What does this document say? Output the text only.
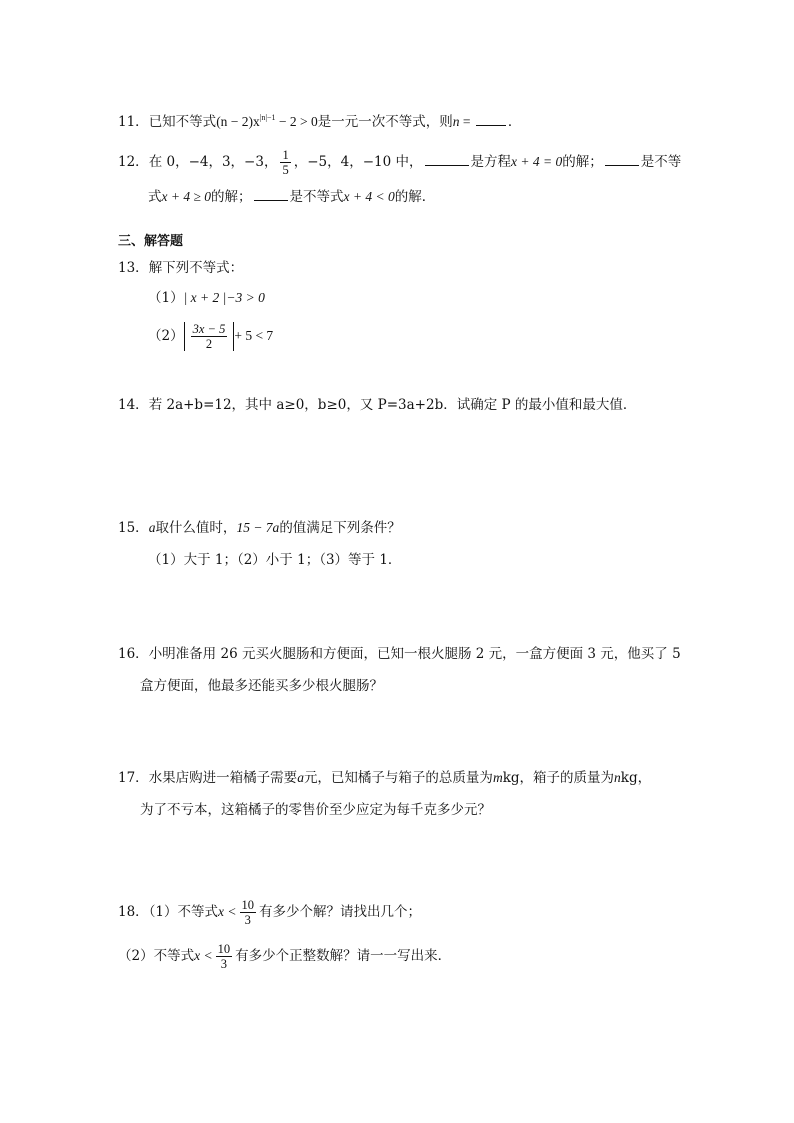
11．已知不等式$(n - 2)x^{|n|-1} - 2 > 0$是一元一次不等式，则n =	．
12．在 0，−4，3，−3， $\frac{1}{5}$ ，−5，4，−10 中，	是方程x + 4 = 0的解；	是不等
式x + 4 ≥ 0的解；	是不等式x + 4 < 0的解．
三、解答题
13．解下列不等式：
（1）| x + 2 |−3 > 0
$(2) \frac{3x - 5}{2} + 5 < 7$
14．若 2a+b=12，其中 a≥0，b≥0，又 P=3a+2b．试确定 P 的最小值和最大值．
15．a取什么值时，15 − 7a的值满足下列条件？
（1）大于 1；（2）小于 1；（3）等于 1．
16．小明准备用 26 元买火腿肠和方便面，已知一根火腿肠 2 元，一盒方便面 3 元，他买了 5
盒方便面，他最多还能买多少根火腿肠？
17．水果店购进一箱橘子需要a元，已知橘子与箱子的总质量为mkg，箱子的质量为nkg，
为了不亏本，这箱橘子的零售价至少应定为每千克多少元？
18．（1）不等式$x < \frac{10}{3}$ 有多少个解？请找出几个；
（2）不等式$x < \frac{10}{3}$ 有多少个正整数解？请一一写出来．
